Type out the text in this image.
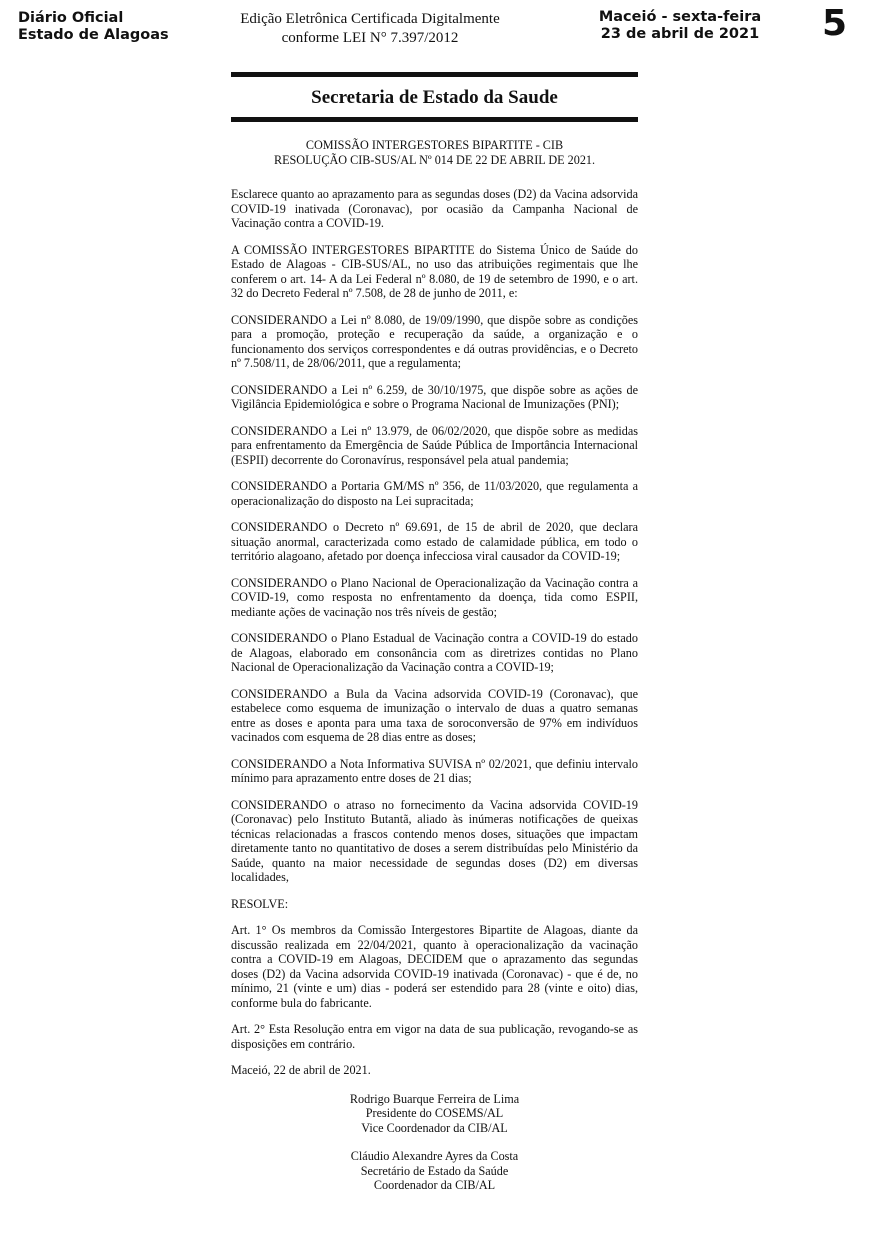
Diário Oficial
Estado de Alagoas
Edição Eletrônica Certificada Digitalmente
conforme LEI N° 7.397/2012
Maceió - sexta-feira
23 de abril de 2021	5
Secretaria de Estado da Saude
COMISSÃO INTERGESTORES BIPARTITE - CIB
RESOLUÇÃO CIB-SUS/AL Nº 014 DE 22 DE ABRIL DE 2021.

Esclarece quanto ao aprazamento para as segundas doses (D2) da Vacina adsorvida COVID-19 inativada (Coronavac), por ocasião da Campanha Nacional de Vacinação contra a COVID-19.

A COMISSÃO INTERGESTORES BIPARTITE do Sistema Único de Saúde do Estado de Alagoas - CIB-SUS/AL, no uso das atribuições regimentais que lhe conferem o art. 14- A da Lei Federal nº 8.080, de 19 de setembro de 1990, e o art. 32 do Decreto Federal nº 7.508, de 28 de junho de 2011, e:

CONSIDERANDO a Lei nº 8.080, de 19/09/1990, que dispõe sobre as condições para a promoção, proteção e recuperação da saúde, a organização e o funcionamento dos serviços correspondentes e dá outras providências, e o Decreto nº 7.508/11, de 28/06/2011, que a regulamenta;

CONSIDERANDO a Lei nº 6.259, de 30/10/1975, que dispõe sobre as ações de Vigilância Epidemiológica e sobre o Programa Nacional de Imunizações (PNI);

CONSIDERANDO a Lei nº 13.979, de 06/02/2020, que dispõe sobre as medidas para enfrentamento da Emergência de Saúde Pública de Importância Internacional (ESPII) decorrente do Coronavírus, responsável pela atual pandemia;

CONSIDERANDO a Portaria GM/MS nº 356, de 11/03/2020, que regulamenta a operacionalização do disposto na Lei supracitada;

CONSIDERANDO o Decreto nº 69.691, de 15 de abril de 2020, que declara situação anormal, caracterizada como estado de calamidade pública, em todo o território alagoano, afetado por doença infecciosa viral causador da COVID-19;

CONSIDERANDO o Plano Nacional de Operacionalização da Vacinação contra a COVID-19, como resposta no enfrentamento da doença, tida como ESPII, mediante ações de vacinação nos três níveis de gestão;

CONSIDERANDO o Plano Estadual de Vacinação contra a COVID-19 do estado de Alagoas, elaborado em consonância com as diretrizes contidas no Plano Nacional de Operacionalização da Vacinação contra a COVID-19;

CONSIDERANDO a Bula da Vacina adsorvida COVID-19 (Coronavac), que estabelece como esquema de imunização o intervalo de duas a quatro semanas entre as doses e aponta para uma taxa de soroconversão de 97% em indivíduos vacinados com esquema de 28 dias entre as doses;

CONSIDERANDO a Nota Informativa SUVISA nº 02/2021, que definiu intervalo mínimo para aprazamento entre doses de 21 dias;

CONSIDERANDO o atraso no fornecimento da Vacina adsorvida COVID-19 (Coronavac) pelo Instituto Butantã, aliado às inúmeras notificações de queixas técnicas relacionadas a frascos contendo menos doses, situações que impactam diretamente tanto no quantitativo de doses a serem distribuídas pelo Ministério da Saúde, quanto na maior necessidade de segundas doses (D2) em diversas localidades,

RESOLVE:

Art. 1° Os membros da Comissão Intergestores Bipartite de Alagoas, diante da discussão realizada em 22/04/2021, quanto à operacionalização da vacinação contra a COVID-19 em Alagoas, DECIDEM que o aprazamento das segundas doses (D2) da Vacina adsorvida COVID-19 inativada (Coronavac) - que é de, no mínimo, 21 (vinte e um) dias - poderá ser estendido para 28 (vinte e oito) dias, conforme bula do fabricante.

Art. 2° Esta Resolução entra em vigor na data de sua publicação, revogando-se as disposições em contrário.

Maceió, 22 de abril de 2021.

Rodrigo Buarque Ferreira de Lima
Presidente do COSEMS/AL
Vice Coordenador da CIB/AL
Cláudio Alexandre Ayres da Costa
Secretário de Estado da Saúde
Coordenador da CIB/AL
